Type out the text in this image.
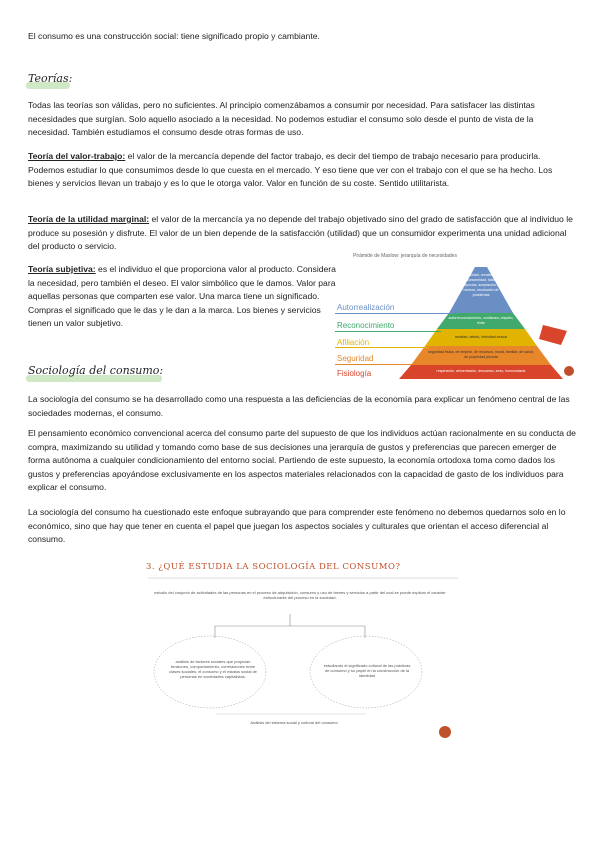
El consumo es una construcción social: tiene significado propio y cambiante.

Teorías:

Todas las teorías son válidas, pero no suficientes. Al principio comenzábamos a consumir por necesidad. Para satisfacer las distintas necesidades que surgían. Solo aquello asociado a la necesidad. No podemos estudiar el consumo solo desde el punto de vista de la necesidad. También estudiamos el consumo desde otras formas de uso.

Teoría del valor-trabajo: el valor de la mercancía depende del factor trabajo, es decir del tiempo de trabajo necesario para producirla. Podemos estudiar lo que consumimos desde lo que cuesta en el mercado. Y eso tiene que ver con el trabajo con el que se ha hecho. Los bienes y servicios llevan un trabajo y es lo que le otorga valor. Valor en función de su coste. Sentido utilitarista.

Teoría de la utilidad marginal: el valor de la mercancía ya no depende del trabajo objetivado sino del grado de satisfacción que al individuo le produce su posesión y disfrute. El valor de un bien depende de la satisfacción (utilidad) que un consumidor experimenta una unidad adicional del producto o servicio.

Teoría subjetiva: es el individuo el que proporciona valor al producto. Considera la necesidad, pero también el deseo. El valor simbólico que le damos. Valor para aquellas personas que comparten ese valor. Una marca tiene un significado. Compras el significado que le das y le dan a la marca. Los bienes y servicios tienen un valor subjetivo.

Pirámide de Maslow: jerarquía de necesidades
Autorrealización
Reconocimiento
Afiliación
Seguridad
Fisiología
moralidad, creatividad, espontaneidad, falta de prejuicios, aceptación de hechos, resolución de problemas
autorreconocimiento, confianza, respeto, éxito
amistad, afecto, intimidad sexual
seguridad física, de empleo, de recursos, moral, familiar, de salud, de propiedad privada
respiración, alimentación, descanso, sexo, homeostasis
Sociología del consumo:

La sociología del consumo se ha desarrollado como una respuesta a las deficiencias de la economía para explicar un fenómeno central de las sociedades modernas, el consumo.

El pensamiento económico convencional acerca del consumo parte del supuesto de que los individuos actúan racionalmente en su conducta de compra, maximizando su utilidad y tomando como base de sus decisiones una jerarquía de gustos y preferencias que parecen emerger de forma autónoma a cualquier condicionamiento del entorno social. Partiendo de este supuesto, la economía ortodoxa toma como dados los gustos y preferencias apoyándose exclusivamente en los aspectos materiales relacionados con la capacidad de gasto de los individuos para explicar el consumo.

La sociología del consumo ha cuestionado este enfoque subrayando que para comprender este fenómeno no debemos quedarnos solo en lo económico, sino que hay que tener en cuenta el papel que juegan los aspectos sociales y culturales que orientan el acceso diferencial al consumo.

3. ¿QUÉ ESTUDIA LA SOCIOLOGÍA DEL CONSUMO?
estudio del conjunto de actividades de las personas en el proceso de adquisición, consumo y uso de bienes y servicios a partir del cual se puede explicar el carácter estructurante del proceso en la sociedad.
análisis de factores sociales que propician tensiones, comportamiento; correlaciones entre clases sociales, el consumo y el estatus social de personas en sociedades capitalistas.
estudiando el significado cultural de las prácticas de consumo y su papel en la construcción de la identidad
Análisis del sistema social y cultural del consumo
